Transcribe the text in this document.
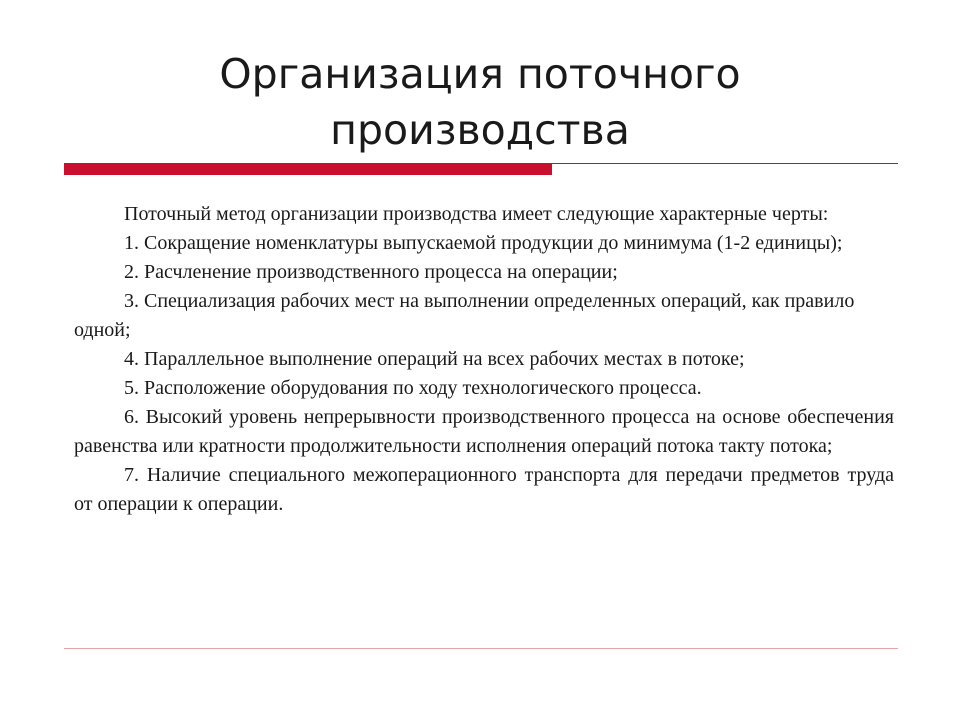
Организация поточного
производства

Поточный метод организации производства имеет следующие характерные черты:

1. Сокращение номенклатуры выпускаемой продукции до минимума (1-2 единицы);

2. Расчленение производственного процесса на операции;

3. Специализация рабочих мест на выполнении определенных операций, как правило одной;

4. Параллельное выполнение операций на всех рабочих местах в потоке;

5. Расположение оборудования по ходу технологического процесса.

6. Высокий уровень непрерывности производственного процесса на основе обеспечения равенства или кратности продолжительности исполнения операций потока такту потока;

7. Наличие специального межоперационного транспорта для передачи предметов труда от операции к операции.
